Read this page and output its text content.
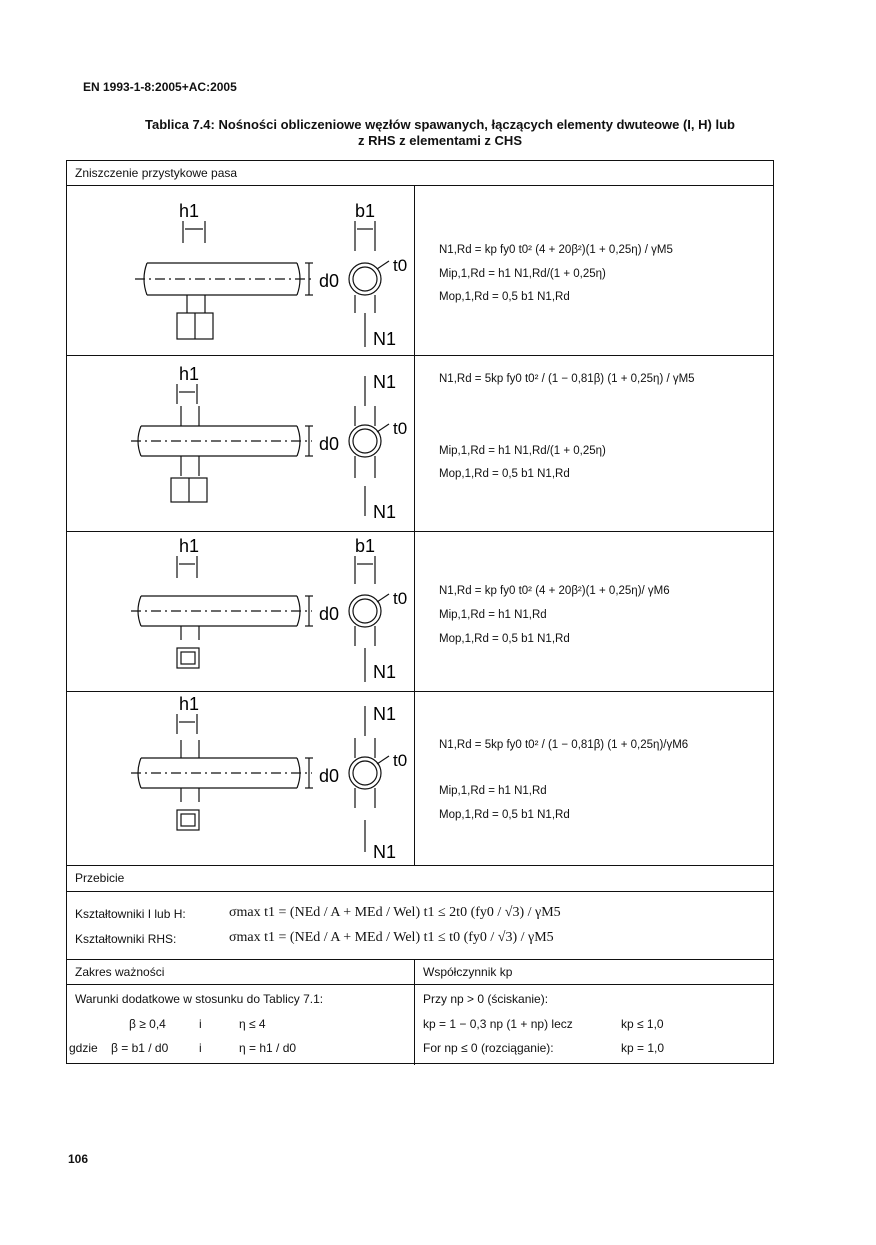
EN 1993-1-8:2005+AC:2005
Tablica 7.4: Nośności obliczeniowe węzłów spawanych, łączących elementy dwuteowe (I, H) lub
z RHS z elementami z CHS
Zniszczenie przystykowe pasa
h1	b1
d0
t0
N1
N1,Rd = kp fy0 t0² (4 + 20β²)(1 + 0,25η) / γM5
Mip,1,Rd = h1 N1,Rd/(1 + 0,25η)
Mop,1,Rd = 0,5 b1 N1,Rd
h1	N1
d0
t0
N1
N1,Rd = 5kp fy0 t0² / (1 − 0,81β) (1 + 0,25η) / γM5
Mip,1,Rd = h1 N1,Rd/(1 + 0,25η)
Mop,1,Rd = 0,5 b1 N1,Rd
h1	b1
d0
t0
N1
N1,Rd = kp fy0 t0² (4 + 20β²)(1 + 0,25η)/ γM6
Mip,1,Rd = h1 N1,Rd
Mop,1,Rd = 0,5 b1 N1,Rd
h1	N1
d0
t0
N1
N1,Rd = 5kp fy0 t0² / (1 − 0,81β) (1 + 0,25η)/γM6
Mip,1,Rd = h1 N1,Rd
Mop,1,Rd = 0,5 b1 N1,Rd
Przebicie
Kształtowniki I lub H:	σmax t1 = (NEd / A + MEd / Wel) t1 ≤ 2t0 (fy0 / √3) / γM5
Kształtowniki RHS:	σmax t1 = (NEd / A + MEd / Wel) t1 ≤ t0 (fy0 / √3) / γM5
Zakres ważności
Warunki dodatkowe w stosunku do Tablicy 7.1:
β ≥ 0,4	i	η ≤ 4
gdzie β = b1 / d0	i	η = h1 / d0
Współczynnik kp
Przy np > 0 (ściskanie):
kp = 1 − 0,3 np (1 + np) lecz	kp ≤ 1,0
For np ≤ 0 (rozciąganie):	kp = 1,0
106
